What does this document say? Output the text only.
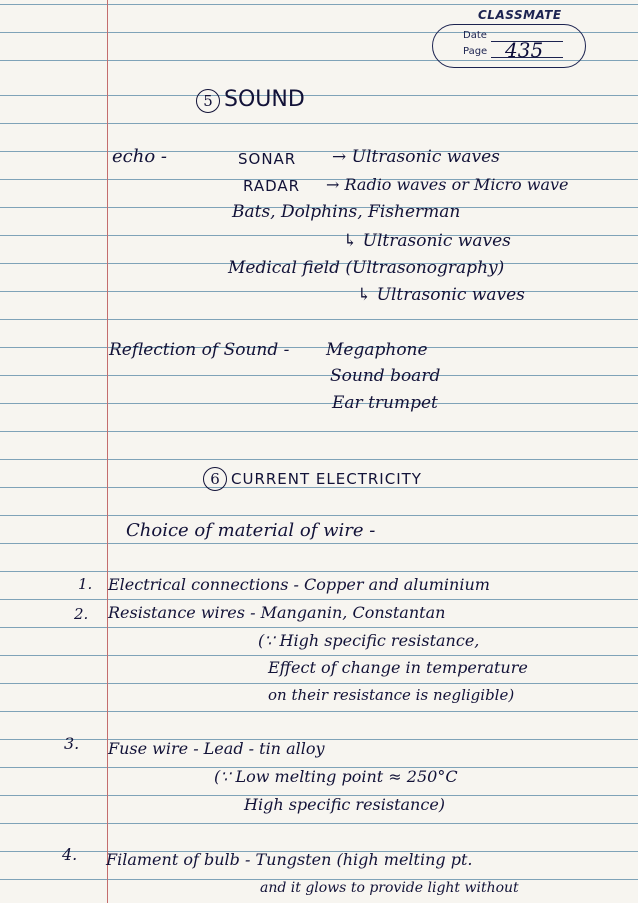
CLASSMATE
Date
Page 435
5 SOUND
echo -	SONAR → Ultrasonic waves
RADAR → Radio waves or Micro wave
Bats, Dolphins, Fisherman
↳ Ultrasonic waves
Medical field (Ultrasonography)
↳ Ultrasonic waves
Reflection of Sound - Megaphone
Sound board
Ear trumpet
6 CURRENT ELECTRICITY
Choice of material of wire -
1. Electrical connections - Copper and aluminium
2. Resistance wires - Manganin, Constantan
(∵ High specific resistance,
Effect of change in temperature
on their resistance is negligible)
3. Fuse wire - Lead - tin alloy
(∵ Low melting point ≈ 250°C
High specific resistance)
4. Filament of bulb - Tungsten (high melting pt.
and it glows to provide light without
